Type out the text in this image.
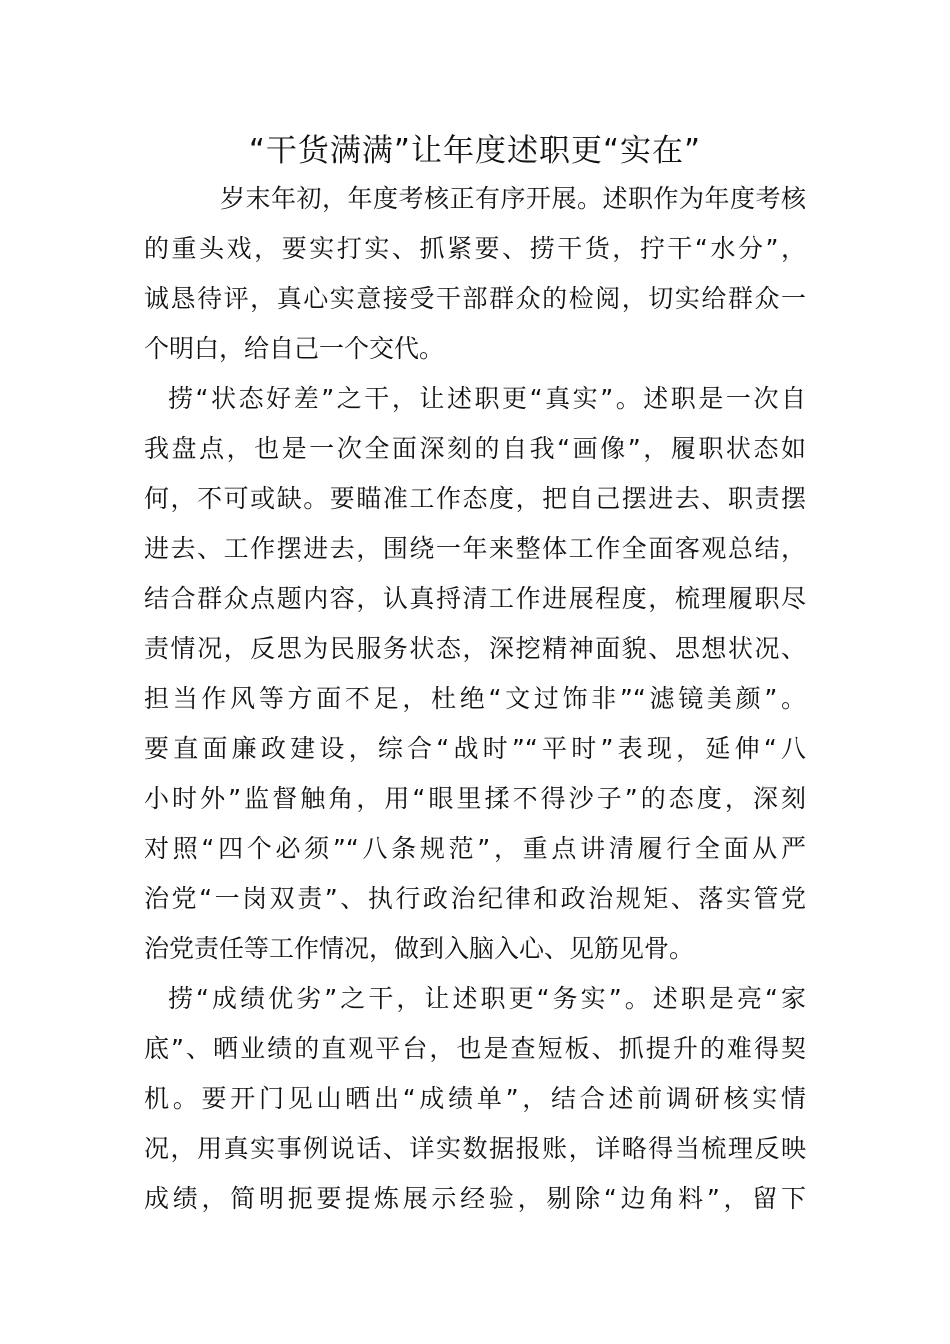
“干货满满”让年度述职更“实在”

岁末年初，年度考核正有序开展。述职作为年度考核

的重头戏，要实打实、抓紧要、捞干货，拧干“水分”，

诚恳待评，真心实意接受干部群众的检阅，切实给群众一

个明白，给自己一个交代。

捞“状态好差”之干，让述职更“真实”。述职是一次自

我盘点，也是一次全面深刻的自我“画像”，履职状态如

何，不可或缺。要瞄准工作态度，把自己摆进去、职责摆

进去、工作摆进去，围绕一年来整体工作全面客观总结，

结合群众点题内容，认真捋清工作进展程度，梳理履职尽

责情况，反思为民服务状态，深挖精神面貌、思想状况、

担当作风等方面不足，杜绝“文过饰非”“滤镜美颜”。

要直面廉政建设，综合“战时”“平时”表现，延伸“八

小时外”监督触角，用“眼里揉不得沙子”的态度，深刻

对照“四个必须”“八条规范”，重点讲清履行全面从严

治党“一岗双责”、执行政治纪律和政治规矩、落实管党

治党责任等工作情况，做到入脑入心、见筋见骨。

捞“成绩优劣”之干，让述职更“务实”。述职是亮“家

底”、晒业绩的直观平台，也是查短板、抓提升的难得契

机。要开门见山晒出“成绩单”，结合述前调研核实情

况，用真实事例说话、详实数据报账，详略得当梳理反映

成绩，简明扼要提炼展示经验，剔除“边角料”，留下
